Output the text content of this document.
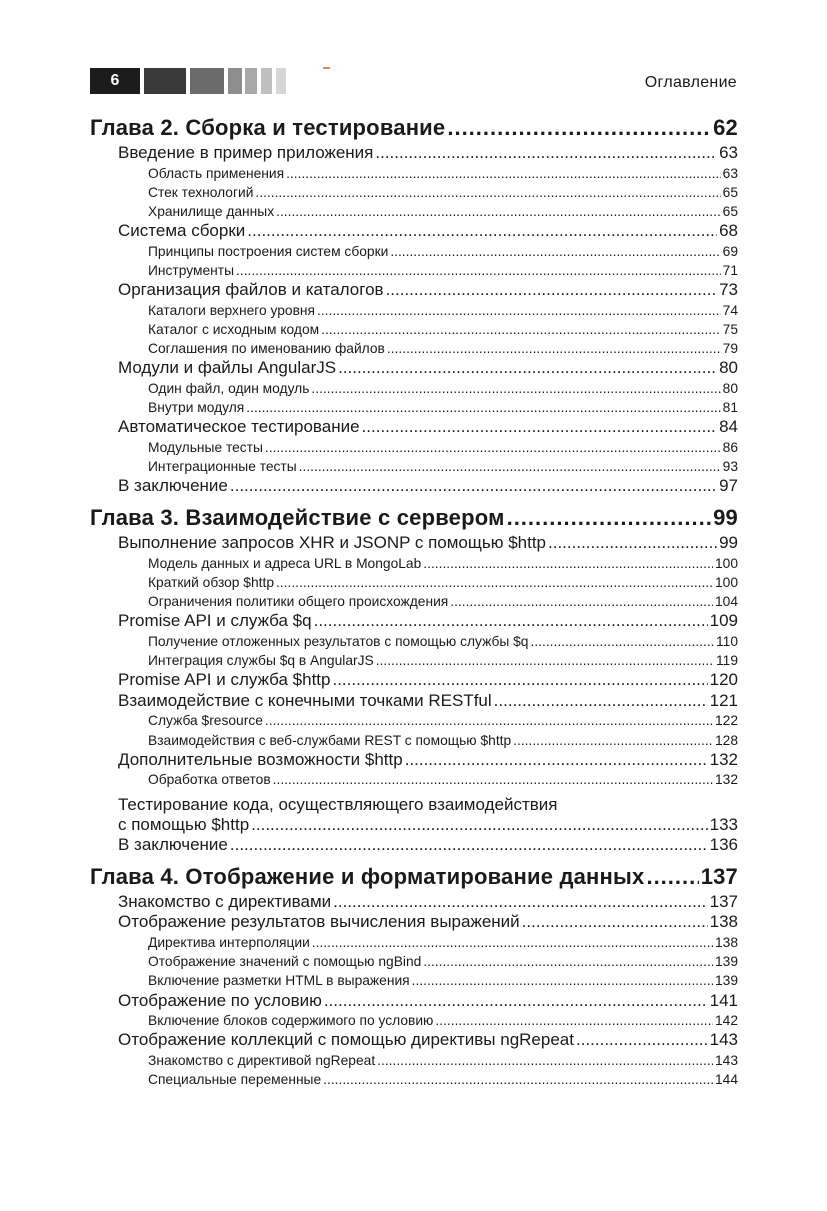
6	Оглавление
Глава 2. Сборка и тестирование .....	62
Введение в пример приложения .....	63
Область применения .....	63
Стек технологий .....	65
Хранилище данных .....	65
Система сборки .....	68
Принципы построения систем сборки .....	69
Инструменты .....	71
Организация файлов и каталогов .....	73
Каталоги верхнего уровня .....	74
Каталог с исходным кодом .....	75
Соглашения по именованию файлов .....	79
Модули и файлы AngularJS .....	80
Один файл, один модуль .....	80
Внутри модуля .....	81
Автоматическое тестирование .....	84
Модульные тесты .....	86
Интеграционные тесты .....	93
В заключение .....	97
Глава 3. Взаимодействие с сервером .....	99
Выполнение запросов XHR и JSONP с помощью $http .....	99
Модель данных и адреса URL в MongoLab .....	100
Краткий обзор $http .....	100
Ограничения политики общего происхождения .....	104
Promise API и служба $q .....	109
Получение отложенных результатов с помощью службы $q .....	110
Интеграция службы $q в AngularJS .....	119
Promise API и служба $http .....	120
Взаимодействие с конечными точками RESTful .....	121
Служба $resource .....	122
Взаимодействия с веб-службами REST с помощью $http .....	128
Дополнительные возможности $http .....	132
Обработка ответов .....	132
Тестирование кода, осуществляющего взаимодействия
с помощью $http .....	133
В заключение .....	136
Глава 4. Отображение и форматирование данных .....	137
Знакомство с директивами .....	137
Отображение результатов вычисления выражений .....	138
Директива интерполяции .....	138
Отображение значений с помощью ngBind .....	139
Включение разметки HTML в выражения .....	139
Отображение по условию .....	141
Включение блоков содержимого по условию .....	142
Отображение коллекций с помощью директивы ngRepeat .....	143
Знакомство с директивой ngRepeat .....	143
Специальные переменные .....	144
